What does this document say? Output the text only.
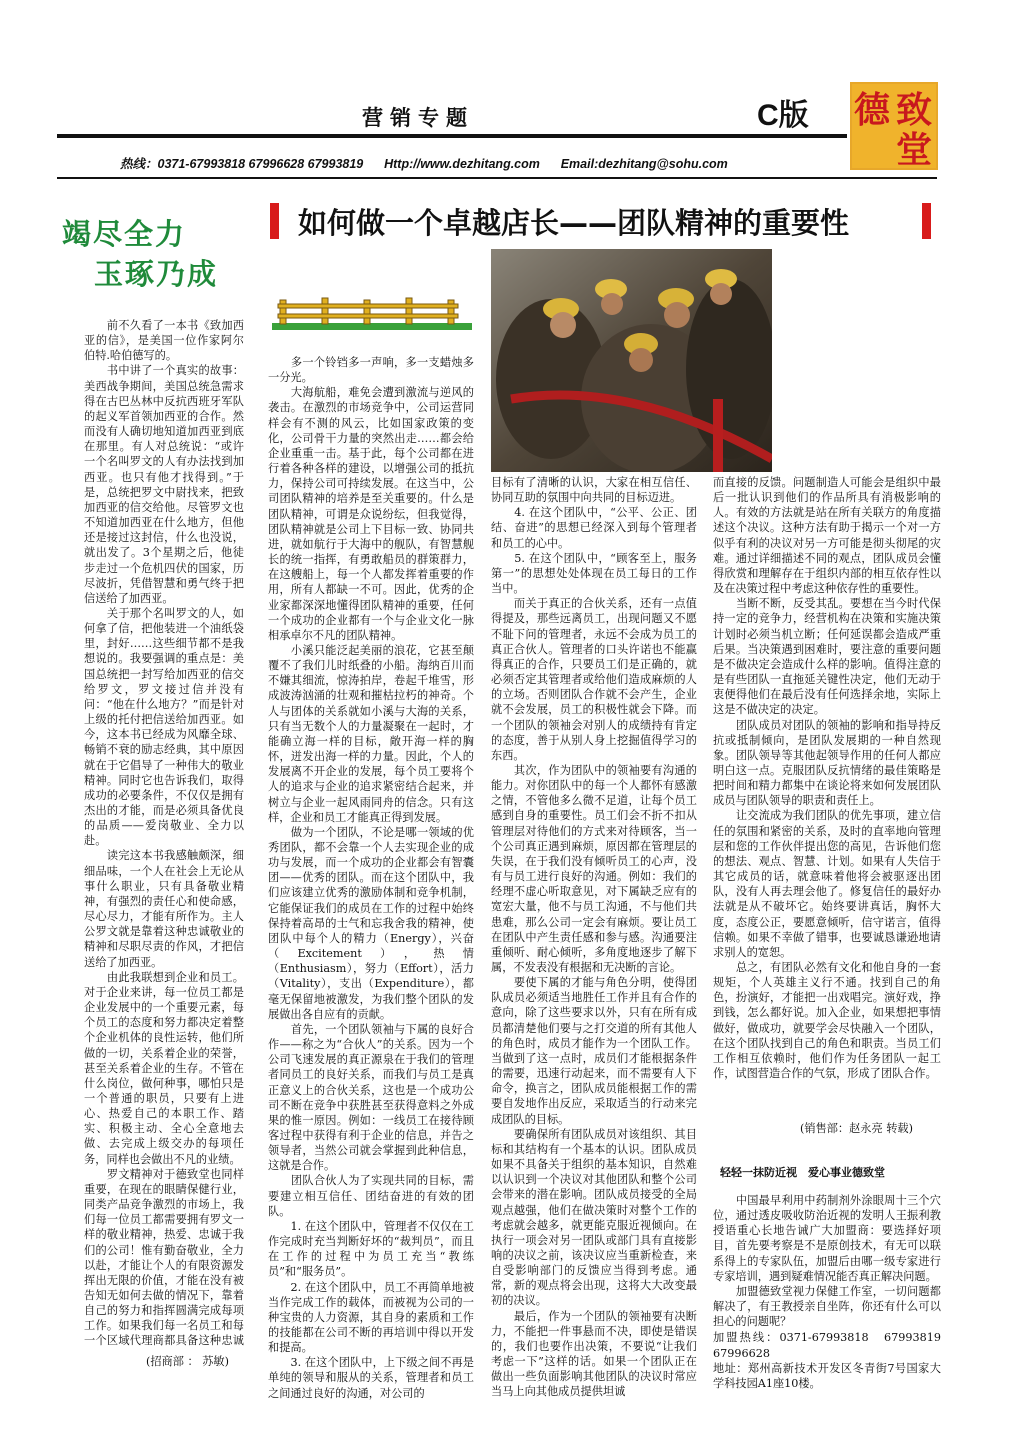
营销专题	C版 德 致
堂
热线：0371-67993818 67996628 67993819      Http://www.dezhitang.com      Email:dezhitang@sohu.com
竭尽全力
玉琢乃成

　　前不久看了一本书《致加西亚的信》，是美国一位作家阿尔伯特.哈伯德写的。
　　书中讲了一个真实的故事：美西战争期间，美国总统急需求得在古巴丛林中反抗西班牙军队的起义军首领加西亚的合作。然而没有人确切地知道加西亚到底在那里。有人对总统说：“或许一个名叫罗文的人有办法找到加西亚。也只有他才找得到。”于是，总统把罗文中尉找来，把致加西亚的信交给他。尽管罗文也不知道加西亚在什么地方，但他还是接过这封信，什么也没说，就出发了。3个星期之后，他徒步走过一个危机四伏的国家，历尽波折，凭借智慧和勇气终于把信送给了加西亚。
　　关于那个名叫罗文的人，如何拿了信，把他装进一个油纸袋里，封好……这些细节都不是我想说的。我要强调的重点是：美国总统把一封写给加西亚的信交给罗文，罗文接过信并没有问：“他在什么地方？”而是针对上级的托付把信送给加西亚。如今，这本书已经成为风靡全球、畅销不衰的励志经典，其中原因就在于它倡导了一种伟大的敬业精神。同时它也告诉我们，取得成功的必要条件，不仅仅是拥有杰出的才能，而是必须具备优良的品质——爱岗敬业、全力以赴。
　　读完这本书我感触颇深，细细品味，一个人在社会上无论从事什么职业，只有具备敬业精神，有强烈的责任心和使命感，尽心尽力，才能有所作为。主人公罗文就是靠着这种忠诚敬业的精神和尽职尽责的作风，才把信送给了加西亚。
　　由此我联想到企业和员工。对于企业来讲，每一位员工都是企业发展中的一个重要元素，每个员工的态度和努力都决定着整个企业机体的良性运转，他们所做的一切，关系着企业的荣誉，甚至关系着企业的生存。不管在什么岗位，做何种事，哪怕只是一个普通的职员，只要有上进心、热爱自己的本职工作、踏实、积极主动、全心全意地去做、去完成上级交办的每项任务，同样也会做出不凡的业绩。
　　罗文精神对于德致堂也同样重要，在现在的眼睛保健行业，同类产品竞争激烈的市场上，我们每一位员工都需要拥有罗文一样的敬业精神，热爱、忠诚于我们的公司！惟有勤奋敬业，全力以赴，才能让个人的有限资源发挥出无限的价值，才能在没有被告知无如何去做的情况下，靠着自己的努力和指挥圆满完成每项工作。如果我们每一名员工和每一个区域代理商都具备这种忠诚

(招商部 ： 苏敏)
如何做一个卓越店长——团队精神的重要性

　　多一个铃铛多一声响，多一支蜡烛多一分光。
　　大海航船，难免会遭到激流与逆风的袭击。在激烈的市场竞争中，公司运营同样会有不测的风云，比如国家政策的变化，公司骨干力量的突然出走……都会给企业重重一击。基于此，每个公司都在进行着各种各样的建设，以增强公司的抵抗力，保持公司可持续发展。在这当中，公司团队精神的培养是至关重要的。什么是团队精神，可谓是众说纷纭，但我觉得，团队精神就是公司上下目标一致、协同共进，就如航行于大海中的舰队，有智慧舰长的统一指挥，有勇敢船员的群策群力，在这艘船上，每一个人都发挥着重要的作用，所有人都缺一不可。因此，优秀的企业家都深深地懂得团队精神的重要，任何一个成功的企业都有一个与企业文化一脉相承卓尔不凡的团队精神。
　　小溪只能泛起美丽的浪花，它甚至颠覆不了我们儿时纸叠的小船。海纳百川而不嫌其细流，惊涛拍岸，卷起千堆雪，形成波涛汹涌的壮观和摧枯拉朽的神奇。个人与团体的关系就如小溪与大海的关系，只有当无数个人的力量凝聚在一起时，才能确立海一样的目标，敞开海一样的胸怀，迸发出海一样的力量。因此，个人的发展离不开企业的发展，每个员工要将个人的追求与企业的追求紧密结合起来，并树立与企业一起风雨同舟的信念。只有这样，企业和员工才能真正得到发展。
　　做为一个团队，不论是哪一领域的优秀团队，都不会靠一个人去实现企业的成功与发展，而一个成功的企业都会有智囊团——优秀的团队。而在这个团队中，我们应该建立优秀的激励体制和竞争机制，它能保证我们的成员在工作的过程中始终保持着高昂的士气和忘我舍我的精神，使团队中每个人的精力（Energy），兴奋（Excitement），热情（Enthusiasm），努力（Effort），活力（Vitality），支出（Expenditure），都毫无保留地被激发，为我们整个团队的发展做出各自应有的贡献。
　　首先，一个团队领袖与下属的良好合作——称之为“合伙人”的关系。因为一个公司飞速发展的真正源泉在于我们的管理者同员工的良好关系，而我们与员工是真正意义上的合伙关系，这也是一个成功公司不断在竞争中获胜甚至获得意料之外成果的惟一原因。例如：一线员工在接待顾客过程中获得有利于企业的信息，并告之领导者，当然公司就会掌握到此种信息，这就是合作。
　　团队合伙人为了实现共同的目标，需要建立相互信任、团结奋进的有效的团队。
　　1. 在这个团队中，管理者不仅仅在工作完成时充当判断好坏的“裁判员”，而且在工作的过程中为员工充当“教练员”和“服务员”。
　　2. 在这个团队中，员工不再简单地被当作完成工作的载体，而被视为公司的一种宝贵的人力资源，其自身的素质和工作的技能都在公司不断的再培训中得以开发和提高。
　　3. 在这个团队中，上下级之间不再是单纯的领导和服从的关系，管理者和员工之间通过良好的沟通，对公司的

目标有了清晰的认识，大家在相互信任、协同互助的氛围中向共同的目标迈进。
　　4. 在这个团队中，“公平、公正、团结、奋进”的思想已经深入到每个管理者和员工的心中。
　　5. 在这个团队中，“顾客至上，服务第一”的思想处处体现在员工每日的工作当中。
　　而关于真正的合伙关系，还有一点值得提及，那些远离员工，出现问题又不愿不耻下问的管理者，永远不会成为员工的真正合伙人。管理者的口头许诺也不能赢得真正的合作，只要员工们是正确的，就必须否定其管理者或给他们造成麻烦的人的立场。否则团队合作就不会产生，企业就不会发展，员工的积极性就会下降。而一个团队的领袖会对别人的成绩持有肯定的态度，善于从别人身上挖掘值得学习的东西。
　　其次，作为团队中的领袖要有沟通的能力。对你团队中的每一个人都怀有感激之情，不管他多么微不足道，让每个员工感到自身的重要性。员工们会不折不扣从管理层对待他们的方式来对待顾客，当一个公司真正遇到麻烦，原因都在管理层的失误，在于我们没有倾听员工的心声，没有与员工进行良好的沟通。例如：我们的经理不虚心听取意见，对下属缺乏应有的宽宏大量，他不与员工沟通，不与他们共患难，那么公司一定会有麻烦。要让员工在团队中产生责任感和参与感。沟通要注重倾听、耐心倾听，多角度地逐步了解下属，不发表没有根据和无决断的言论。
　　要使下属的才能与角色分明，使得团队成员必须适当地胜任工作并且有合作的意向，除了这些要求以外，只有在所有成员都清楚他们要与之打交道的所有其他人的角色时，成员才能作为一个团队工作。当做到了这一点时，成员们才能根据条件的需要，迅速行动起来，而不需要有人下命令，换言之，团队成员能根据工作的需要自发地作出反应，采取适当的行动来完成团队的目标。
　　要确保所有团队成员对该组织、其目标和其结构有一个基本的认识。团队成员如果不具备关于组织的基本知识，自然难以认识到一个决议对其他团队和整个公司会带来的潜在影响。团队成员接受的全局观点越强，他们在做决策时对整个工作的考虑就会越多，就更能克服近视倾向。在执行一项会对另一团队或部门具有直接影响的决议之前，该决议应当重新检查，来自受影响部门的反馈应当得到考虑。通常，新的观点将会出现，这将大大改变最初的决议。
　　最后，作为一个团队的领袖要有决断力，不能把一件事悬而不决，即使是错误的，我们也要作出决策，不要说“让我们考虑一下”这样的话。如果一个团队正在做出一些负面影响其他团队的决议时常应当马上向其他成员提供坦诚

而直接的反馈。问题制造人可能会是组织中最后一批认识到他们的作品所具有消极影响的人。有效的方法就是站在所有关联方的角度描述这个决议。这种方法有助于揭示一个对一方似乎有利的决议对另一方可能是彻头彻尾的灾难。通过详细描述不同的观点，团队成员会懂得欣赏和理解存在于组织内部的相互依存性以及在决策过程中考虑这种依存性的重要性。
　　当断不断，反受其乱。要想在当今时代保持一定的竞争力，经营机构在决策和实施决策计划时必须当机立断；任何延误都会造成严重后果。当决策遇到困难时，要注意的重要问题是不做决定会造成什么样的影响。值得注意的是有些团队一直拖延关键性决定，他们无动于衷便得他们在最后没有任何选择余地，实际上这是不做决定的决定。
　　团队成员对团队的领袖的影响和指导持反抗或抵制倾向，是团队发展期的一种自然现象。团队领导等其他起领导作用的任何人都应明白这一点。克服团队反抗情绪的最佳策略是把时间和精力都集中在谈论将来如何发展团队成员与团队领导的职责和责任上。
　　让交流成为我们团队的优先事项，建立信任的氛围和紧密的关系，及时的直率地向管理层和您的工作伙伴提出您的高见，告诉他们您的想法、观点、智慧、计划。如果有人失信于其它成员的话，就意味着他将会被驱逐出团队，没有人再去理会他了。修复信任的最好办法就是从不破坏它。始终要讲真话，胸怀大度，态度公正，要愿意倾听，信守诺言，值得信赖。如果不幸做了错事，也要诚恳谦逊地请求别人的宽恕。
　　总之，有团队必然有文化和他自身的一套规矩，个人英雄主义行不通。找到自己的角色，扮演好，才能把一出戏唱完。演好戏，挣到钱，怎么都好说。加入企业，如果想把事情做好，做成功，就要学会尽快融入一个团队，在这个团队找到自己的角色和职责。当员工们工作相互依赖时，他们作为任务团队一起工作，试图营造合作的气氛，形成了团队合作。

(销售部：赵永亮 转载)
轻轻一抹防近视　爱心事业德致堂

　　中国最早利用中药制剂外涂眼周十三个穴位，通过透皮吸收防治近视的发明人王振利教授语重心长地告诫广大加盟商：要选择好项目，首先要考察是不是原创技术，有无可以联系得上的专家队伍，加盟后由哪一级专家进行专家培训，遇到疑难情况能否真正解决问题。
　　加盟德致堂视力保健工作室，一切问题都解决了，有王教授亲自坐阵，你还有什么可以担心的问题呢？

加盟热线：0371-67993818　67993819　67996628

地址：郑州高新技术开发区冬青街7号国家大学科技园A1座10楼。
